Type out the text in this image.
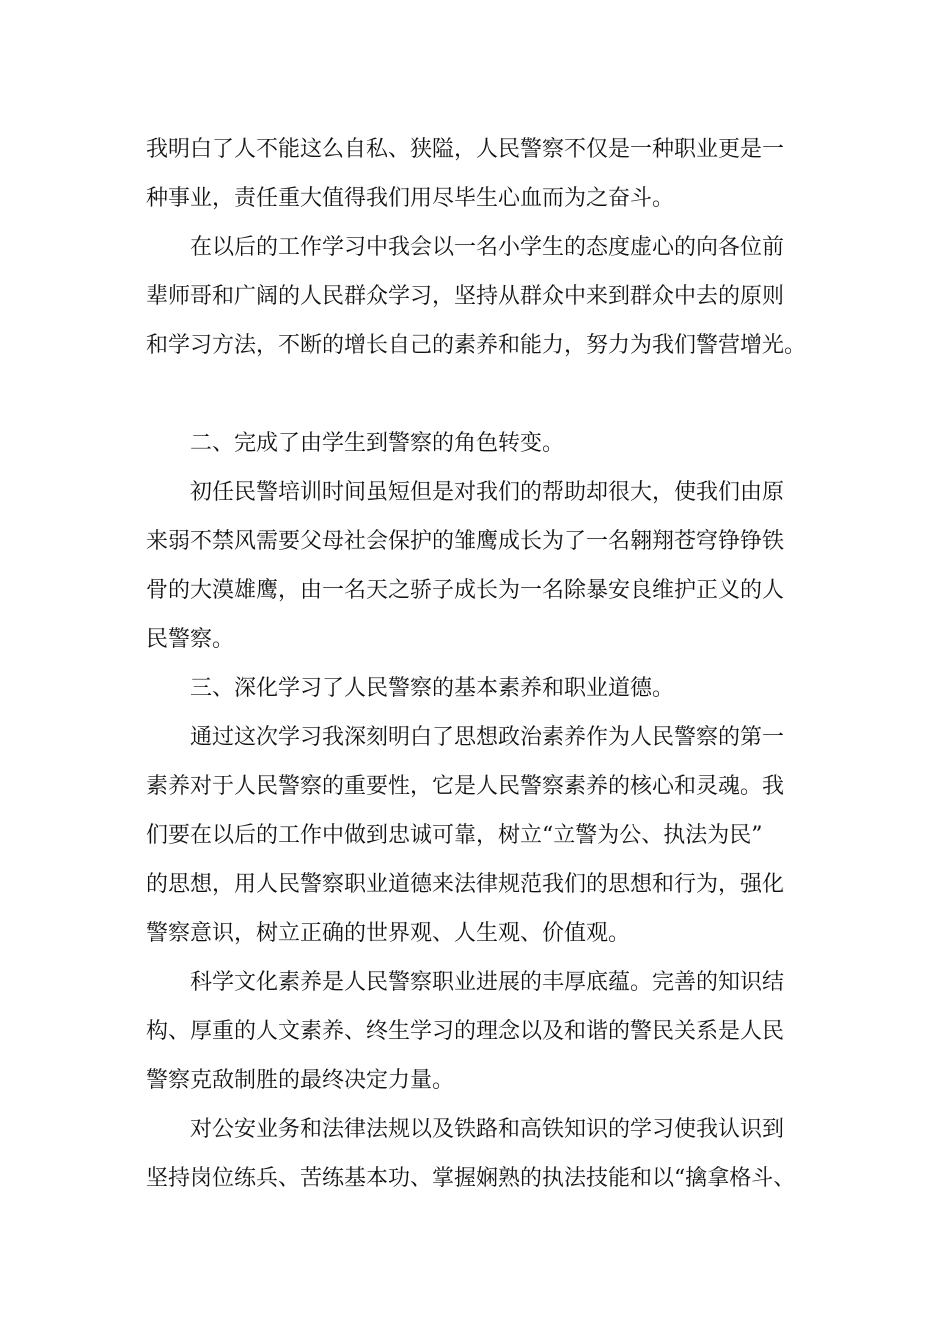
我明白了人不能这么自私、狭隘，人民警察不仅是一种职业更是一
种事业，责任重大值得我们用尽毕生心血而为之奋斗。
在以后的工作学习中我会以一名小学生的态度虚心的向各位前
辈师哥和广阔的人民群众学习，坚持从群众中来到群众中去的原则
和学习方法，不断的增长自己的素养和能力，努力为我们警营增光。
二、完成了由学生到警察的角色转变。
初任民警培训时间虽短但是对我们的帮助却很大，使我们由原
来弱不禁风需要父母社会保护的雏鹰成长为了一名翱翔苍穹铮铮铁
骨的大漠雄鹰，由一名天之骄子成长为一名除暴安良维护正义的人
民警察。
三、深化学习了人民警察的基本素养和职业道德。
通过这次学习我深刻明白了思想政治素养作为人民警察的第一
素养对于人民警察的重要性，它是人民警察素养的核心和灵魂。我
们要在以后的工作中做到忠诚可靠，树立“立警为公、执法为民”
的思想，用人民警察职业道德来法律规范我们的思想和行为，强化
警察意识，树立正确的世界观、人生观、价值观。
科学文化素养是人民警察职业进展的丰厚底蕴。完善的知识结
构、厚重的人文素养、终生学习的理念以及和谐的警民关系是人民
警察克敌制胜的最终决定力量。
对公安业务和法律法规以及铁路和高铁知识的学习使我认识到
坚持岗位练兵、苦练基本功、掌握娴熟的执法技能和以“擒拿格斗、
